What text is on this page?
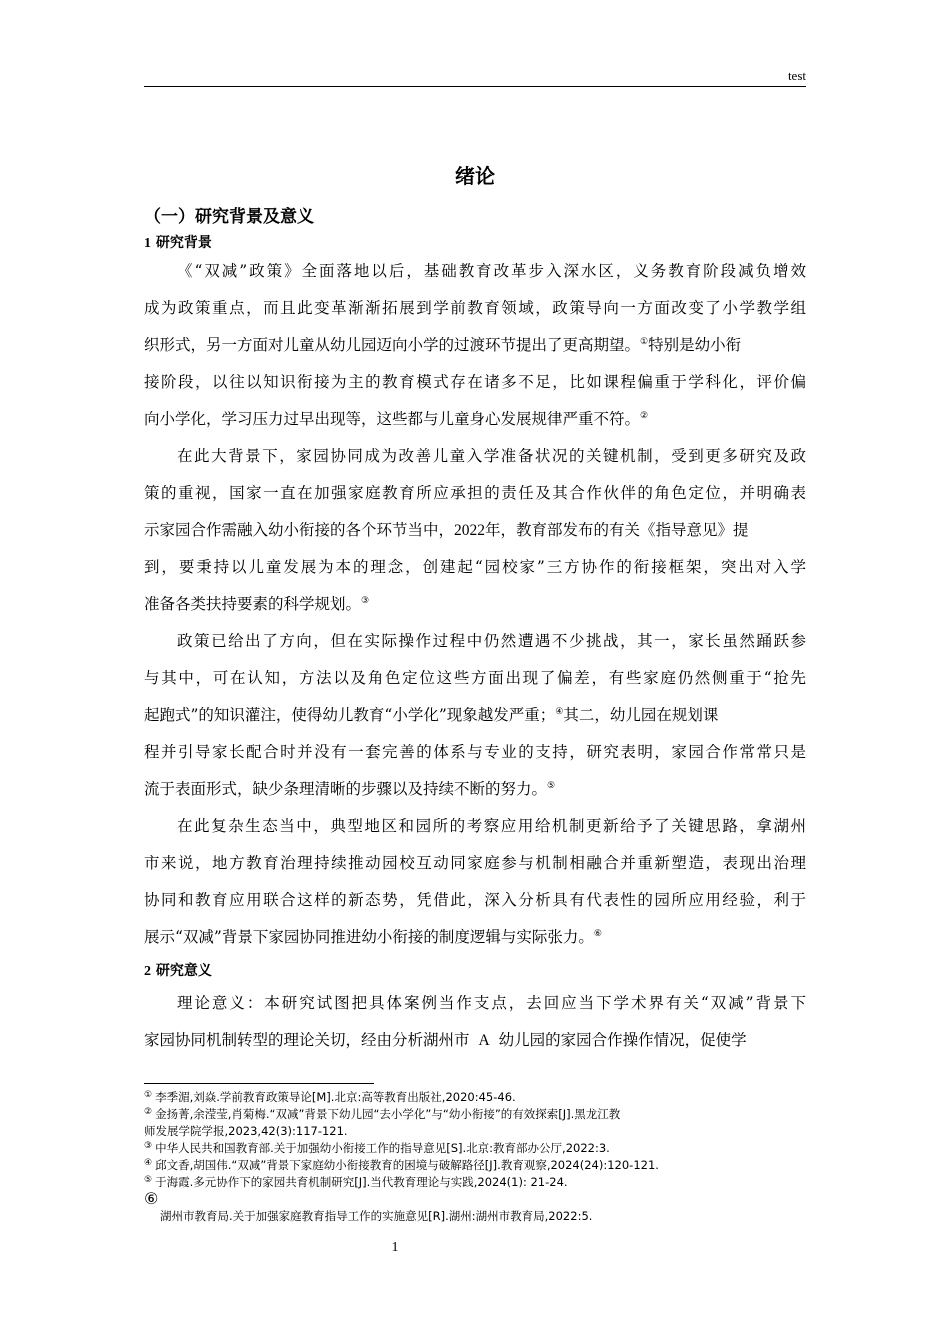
test
绪论
（一）研究背景及意义
1 研究背景
《“双减”政策》全面落地以后，基础教育改革步入深水区，义务教育阶段减负增效
成为政策重点，而且此变革渐渐拓展到学前教育领域，政策导向一方面改变了小学教学组
织形式，另一方面对儿童从幼儿园迈向小学的过渡环节提出了更高期望。①特别是幼小衔
接阶段，以往以知识衔接为主的教育模式存在诸多不足，比如课程偏重于学科化，评价偏
向小学化，学习压力过早出现等，这些都与儿童身心发展规律严重不符。②
在此大背景下，家园协同成为改善儿童入学准备状况的关键机制，受到更多研究及政
策的重视，国家一直在加强家庭教育所应承担的责任及其合作伙伴的角色定位，并明确表
示家园合作需融入幼小衔接的各个环节当中，2022年，教育部发布的有关《指导意见》提
到，要秉持以儿童发展为本的理念，创建起“园校家”三方协作的衔接框架，突出对入学
准备各类扶持要素的科学规划。③
政策已给出了方向，但在实际操作过程中仍然遭遇不少挑战，其一，家长虽然踊跃参
与其中，可在认知，方法以及角色定位这些方面出现了偏差，有些家庭仍然侧重于“抢先
起跑式”的知识灌注，使得幼儿教育“小学化”现象越发严重；④其二，幼儿园在规划课
程并引导家长配合时并没有一套完善的体系与专业的支持，研究表明，家园合作常常只是
流于表面形式，缺少条理清晰的步骤以及持续不断的努力。⑤
在此复杂生态当中，典型地区和园所的考察应用给机制更新给予了关键思路，拿湖州
市来说，地方教育治理持续推动园校互动同家庭参与机制相融合并重新塑造，表现出治理
协同和教育应用联合这样的新态势，凭借此，深入分析具有代表性的园所应用经验，利于
展示“双减”背景下家园协同推进幼小衔接的制度逻辑与实际张力。⑥
2 研究意义
理论意义：本研究试图把具体案例当作支点，去回应当下学术界有关“双减”背景下
家园协同机制转型的理论关切，经由分析湖州市 A 幼儿园的家园合作操作情况，促使学
① 李季湄,刘焱.学前教育政策导论[M].北京:高等教育出版社,2020:45-46.
② 金扬菁,余滢莹,肖菊梅.“双减”背景下幼儿园“去小学化”与“幼小衔接”的有效探索[J].黑龙江教
师发展学院学报,2023,42(3):117-121.
③ 中华人民共和国教育部.关于加强幼小衔接工作的指导意见[S].北京:教育部办公厅,2022:3.
④ 邱文香,胡国伟.“双减”背景下家庭幼小衔接教育的困境与破解路径[J].教育观察,2024(24):120-121.
⑤ 于海霞.多元协作下的家园共育机制研究[J].当代教育理论与实践,2024(1): 21-24.
⑥
湖州市教育局.关于加强家庭教育指导工作的实施意见[R].湖州:湖州市教育局,2022:5.
1
